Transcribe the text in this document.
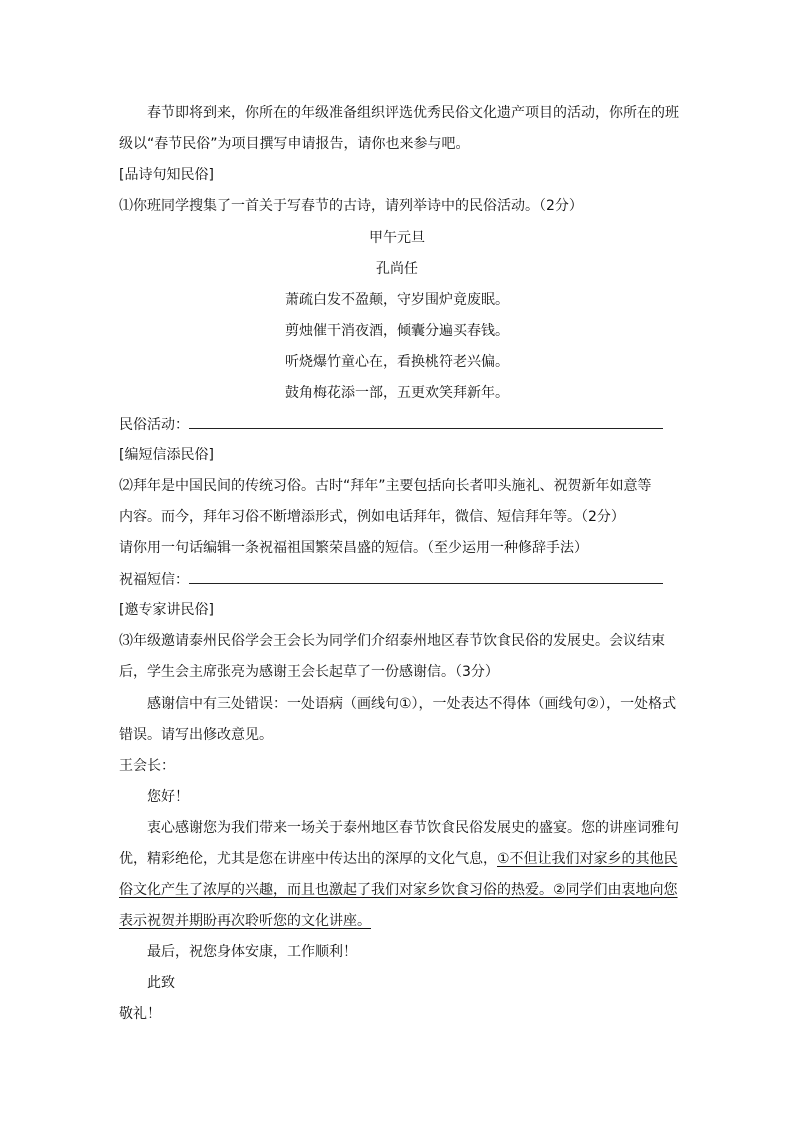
春节即将到来，你所在的年级准备组织评选优秀民俗文化遗产项目的活动，你所在的班
级以“春节民俗”为项目撰写申请报告，请你也来参与吧。
[品诗句知民俗]
⑴你班同学搜集了一首关于写春节的古诗，请列举诗中的民俗活动。（2分）
甲午元旦
孔尚任
萧疏白发不盈颠，守岁围炉竟废眠。
剪烛催干消夜酒，倾囊分遍买春钱。
听烧爆竹童心在，看换桃符老兴偏。
鼓角梅花添一部，五更欢笑拜新年。
民俗活动：
[编短信添民俗]
⑵拜年是中国民间的传统习俗。古时“拜年”主要包括向长者叩头施礼、祝贺新年如意等
内容。而今，拜年习俗不断增添形式，例如电话拜年，微信、短信拜年等。（2分）
请你用一句话编辑一条祝福祖国繁荣昌盛的短信。（至少运用一种修辞手法）
祝福短信：
[邀专家讲民俗]
⑶年级邀请泰州民俗学会王会长为同学们介绍泰州地区春节饮食民俗的发展史。会议结束
后，学生会主席张亮为感谢王会长起草了一份感谢信。（3分）
感谢信中有三处错误：一处语病（画线句①），一处表达不得体（画线句②），一处格式
错误。请写出修改意见。
王会长：
您好！
衷心感谢您为我们带来一场关于泰州地区春节饮食民俗发展史的盛宴。您的讲座词雅句
优，精彩绝伦，尤其是您在讲座中传达出的深厚的文化气息，①不但让我们对家乡的其他民
俗文化产生了浓厚的兴趣，而且也激起了我们对家乡饮食习俗的热爱。②同学们由衷地向您
表示祝贺并期盼再次聆听您的文化讲座。
最后，祝您身体安康，工作顺利！
此致
敬礼！
